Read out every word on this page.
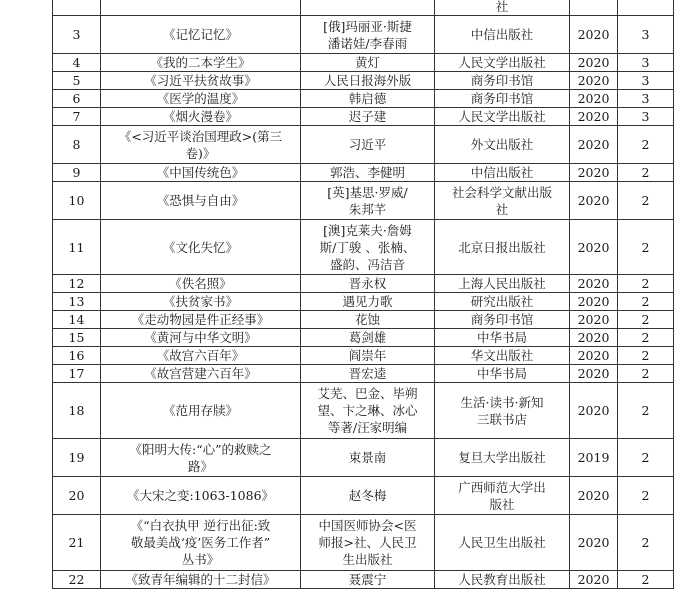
			社		
3	《记忆记忆》	[俄]玛丽亚·斯捷
潘诺娃/李春雨	中信出版社	2020	3
4	《我的二本学生》	黄灯	人民文学出版社	2020	3
5	《习近平扶贫故事》	人民日报海外版	商务印书馆	2020	3
6	《医学的温度》	韩启德	商务印书馆	2020	3
7	《烟火漫卷》	迟子建	人民文学出版社	2020	3
8	《<习近平谈治国理政>(第三
卷)》	习近平	外文出版社	2020	2
9	《中国传统色》	郭浩、李健明	中信出版社	2020	2
10	《恐惧与自由》	[英]基思·罗威/
朱邦芊	社会科学文献出版
社	2020	2
11	《文化失忆》	[澳]克莱夫·詹姆
斯/丁骏 、张楠、
盛韵、冯洁音	北京日报出版社	2020	2
12	《佚名照》	晋永权	上海人民出版社	2020	2
13	《扶贫家书》	遇见力歌	研究出版社	2020	2
14	《走动物园是件正经事》	花蚀	商务印书馆	2020	2
15	《黄河与中华文明》	葛剑雄	中华书局	2020	2
16	《故宫六百年》	阎崇年	华文出版社	2020	2
17	《故宫营建六百年》	晋宏逵	中华书局	2020	2
18	《范用存牍》	艾芜、巴金、毕朔
望、卞之琳、冰心
等著/汪家明编	生活·读书·新知
三联书店	2020	2
19	《阳明大传:“心”的救赎之
路》	束景南	复旦大学出版社	2019	2
20	《大宋之变:1063-1086》	赵冬梅	广西师范大学出
版社	2020	2
21	《“白衣执甲 逆行出征:致
敬最美战‘疫’医务工作者”
丛书》	中国医师协会<医
师报>社、人民卫
生出版社	人民卫生出版社	2020	2
22	《致青年编辑的十二封信》	聂震宁	人民教育出版社	2020	2
